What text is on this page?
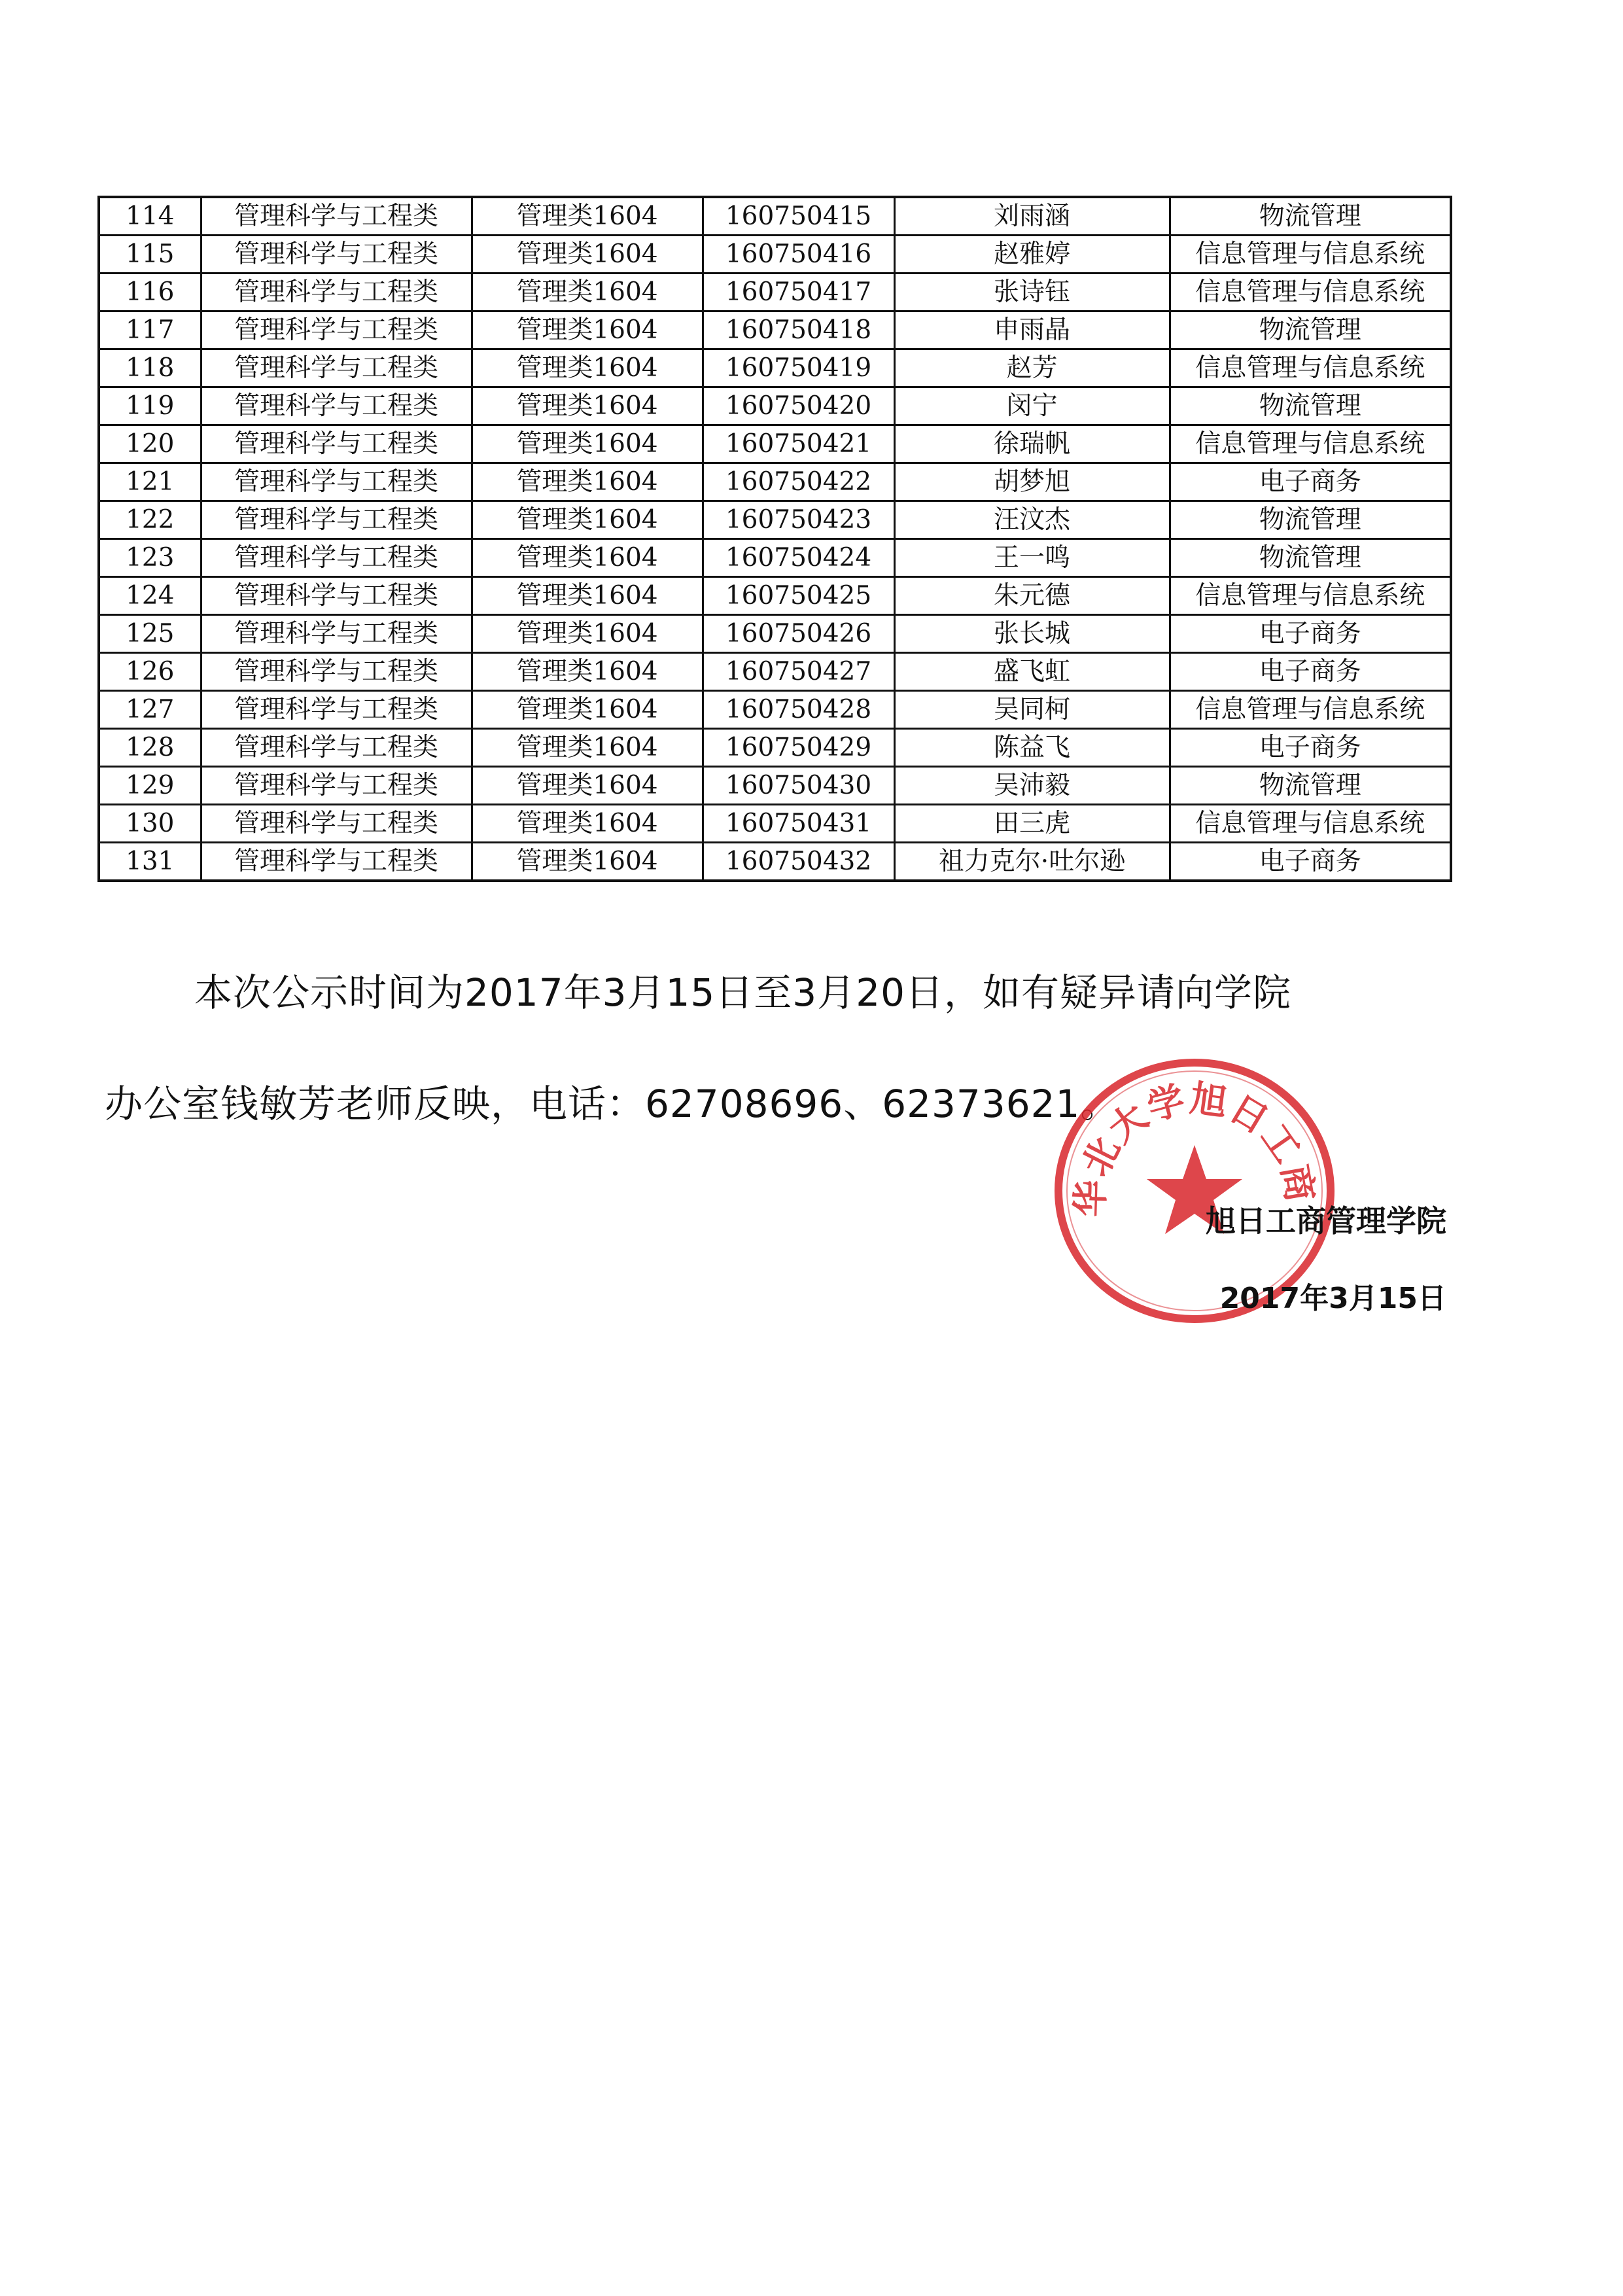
114	管理科学与工程类	管理类1604	160750415	刘雨涵	物流管理
115	管理科学与工程类	管理类1604	160750416	赵雅婷	信息管理与信息系统
116	管理科学与工程类	管理类1604	160750417	张诗钰	信息管理与信息系统
117	管理科学与工程类	管理类1604	160750418	申雨晶	物流管理
118	管理科学与工程类	管理类1604	160750419	赵芳	信息管理与信息系统
119	管理科学与工程类	管理类1604	160750420	闵宁	物流管理
120	管理科学与工程类	管理类1604	160750421	徐瑞帆	信息管理与信息系统
121	管理科学与工程类	管理类1604	160750422	胡梦旭	电子商务
122	管理科学与工程类	管理类1604	160750423	汪汶杰	物流管理
123	管理科学与工程类	管理类1604	160750424	王一鸣	物流管理
124	管理科学与工程类	管理类1604	160750425	朱元德	信息管理与信息系统
125	管理科学与工程类	管理类1604	160750426	张长城	电子商务
126	管理科学与工程类	管理类1604	160750427	盛飞虹	电子商务
127	管理科学与工程类	管理类1604	160750428	吴同柯	信息管理与信息系统
128	管理科学与工程类	管理类1604	160750429	陈益飞	电子商务
129	管理科学与工程类	管理类1604	160750430	吴沛毅	物流管理
130	管理科学与工程类	管理类1604	160750431	田三虎	信息管理与信息系统
131	管理科学与工程类	管理类1604	160750432	祖力克尔·吐尔逊	电子商务
本次公示时间为2017年3月15日至3月20日，如有疑异请向学院
办公室钱敏芳老师反映，电话：62708696、62373621。
华北大学旭日工商
旭日工商管理学院
2017年3月15日
